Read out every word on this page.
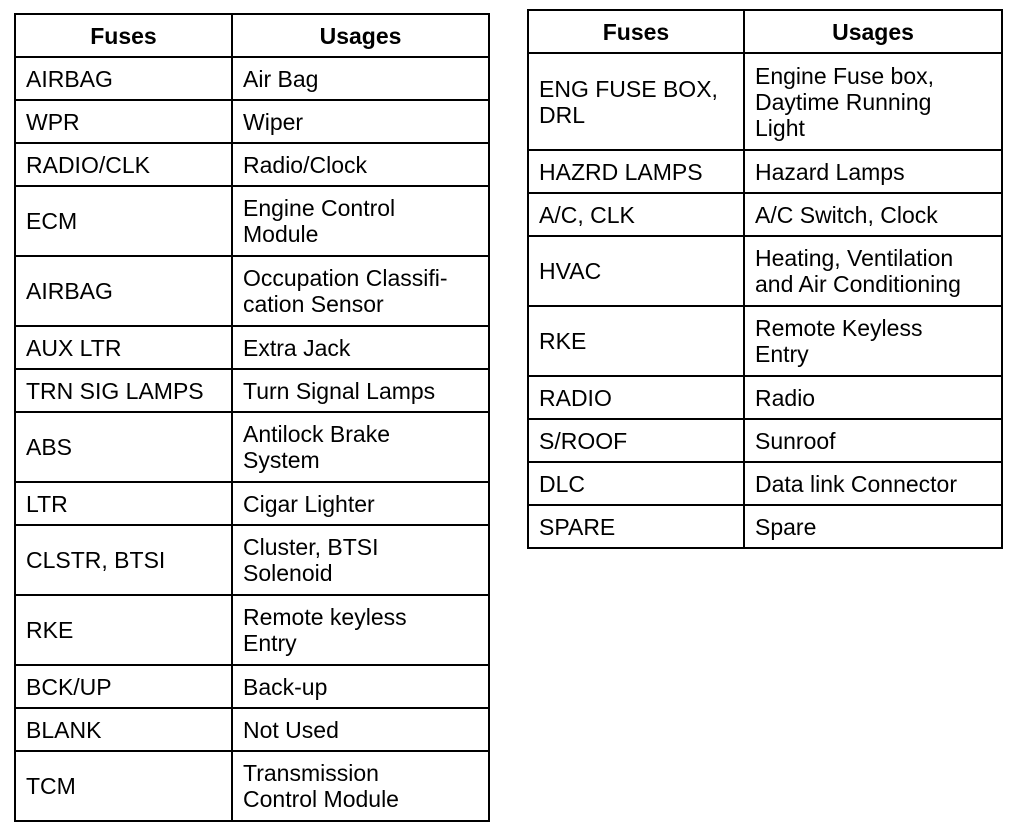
Fuses	Usages
AIRBAG	Air Bag
WPR	Wiper
RADIO/CLK	Radio/Clock
ECM	Engine Control
Module
AIRBAG	Occupation Classifi-
cation Sensor
AUX LTR	Extra Jack
TRN SIG LAMPS	Turn Signal Lamps
ABS	Antilock Brake
System
LTR	Cigar Lighter
CLSTR, BTSI	Cluster, BTSI
Solenoid
RKE	Remote keyless
Entry
BCK/UP	Back-up
BLANK	Not Used
TCM	Transmission
Control Module
Fuses	Usages
ENG FUSE BOX,
DRL	Engine Fuse box,
Daytime Running
Light
HAZRD LAMPS	Hazard Lamps
A/C, CLK	A/C Switch, Clock
HVAC	Heating, Ventilation
and Air Conditioning
RKE	Remote Keyless
Entry
RADIO	Radio
S/ROOF	Sunroof
DLC	Data link Connector
SPARE	Spare
